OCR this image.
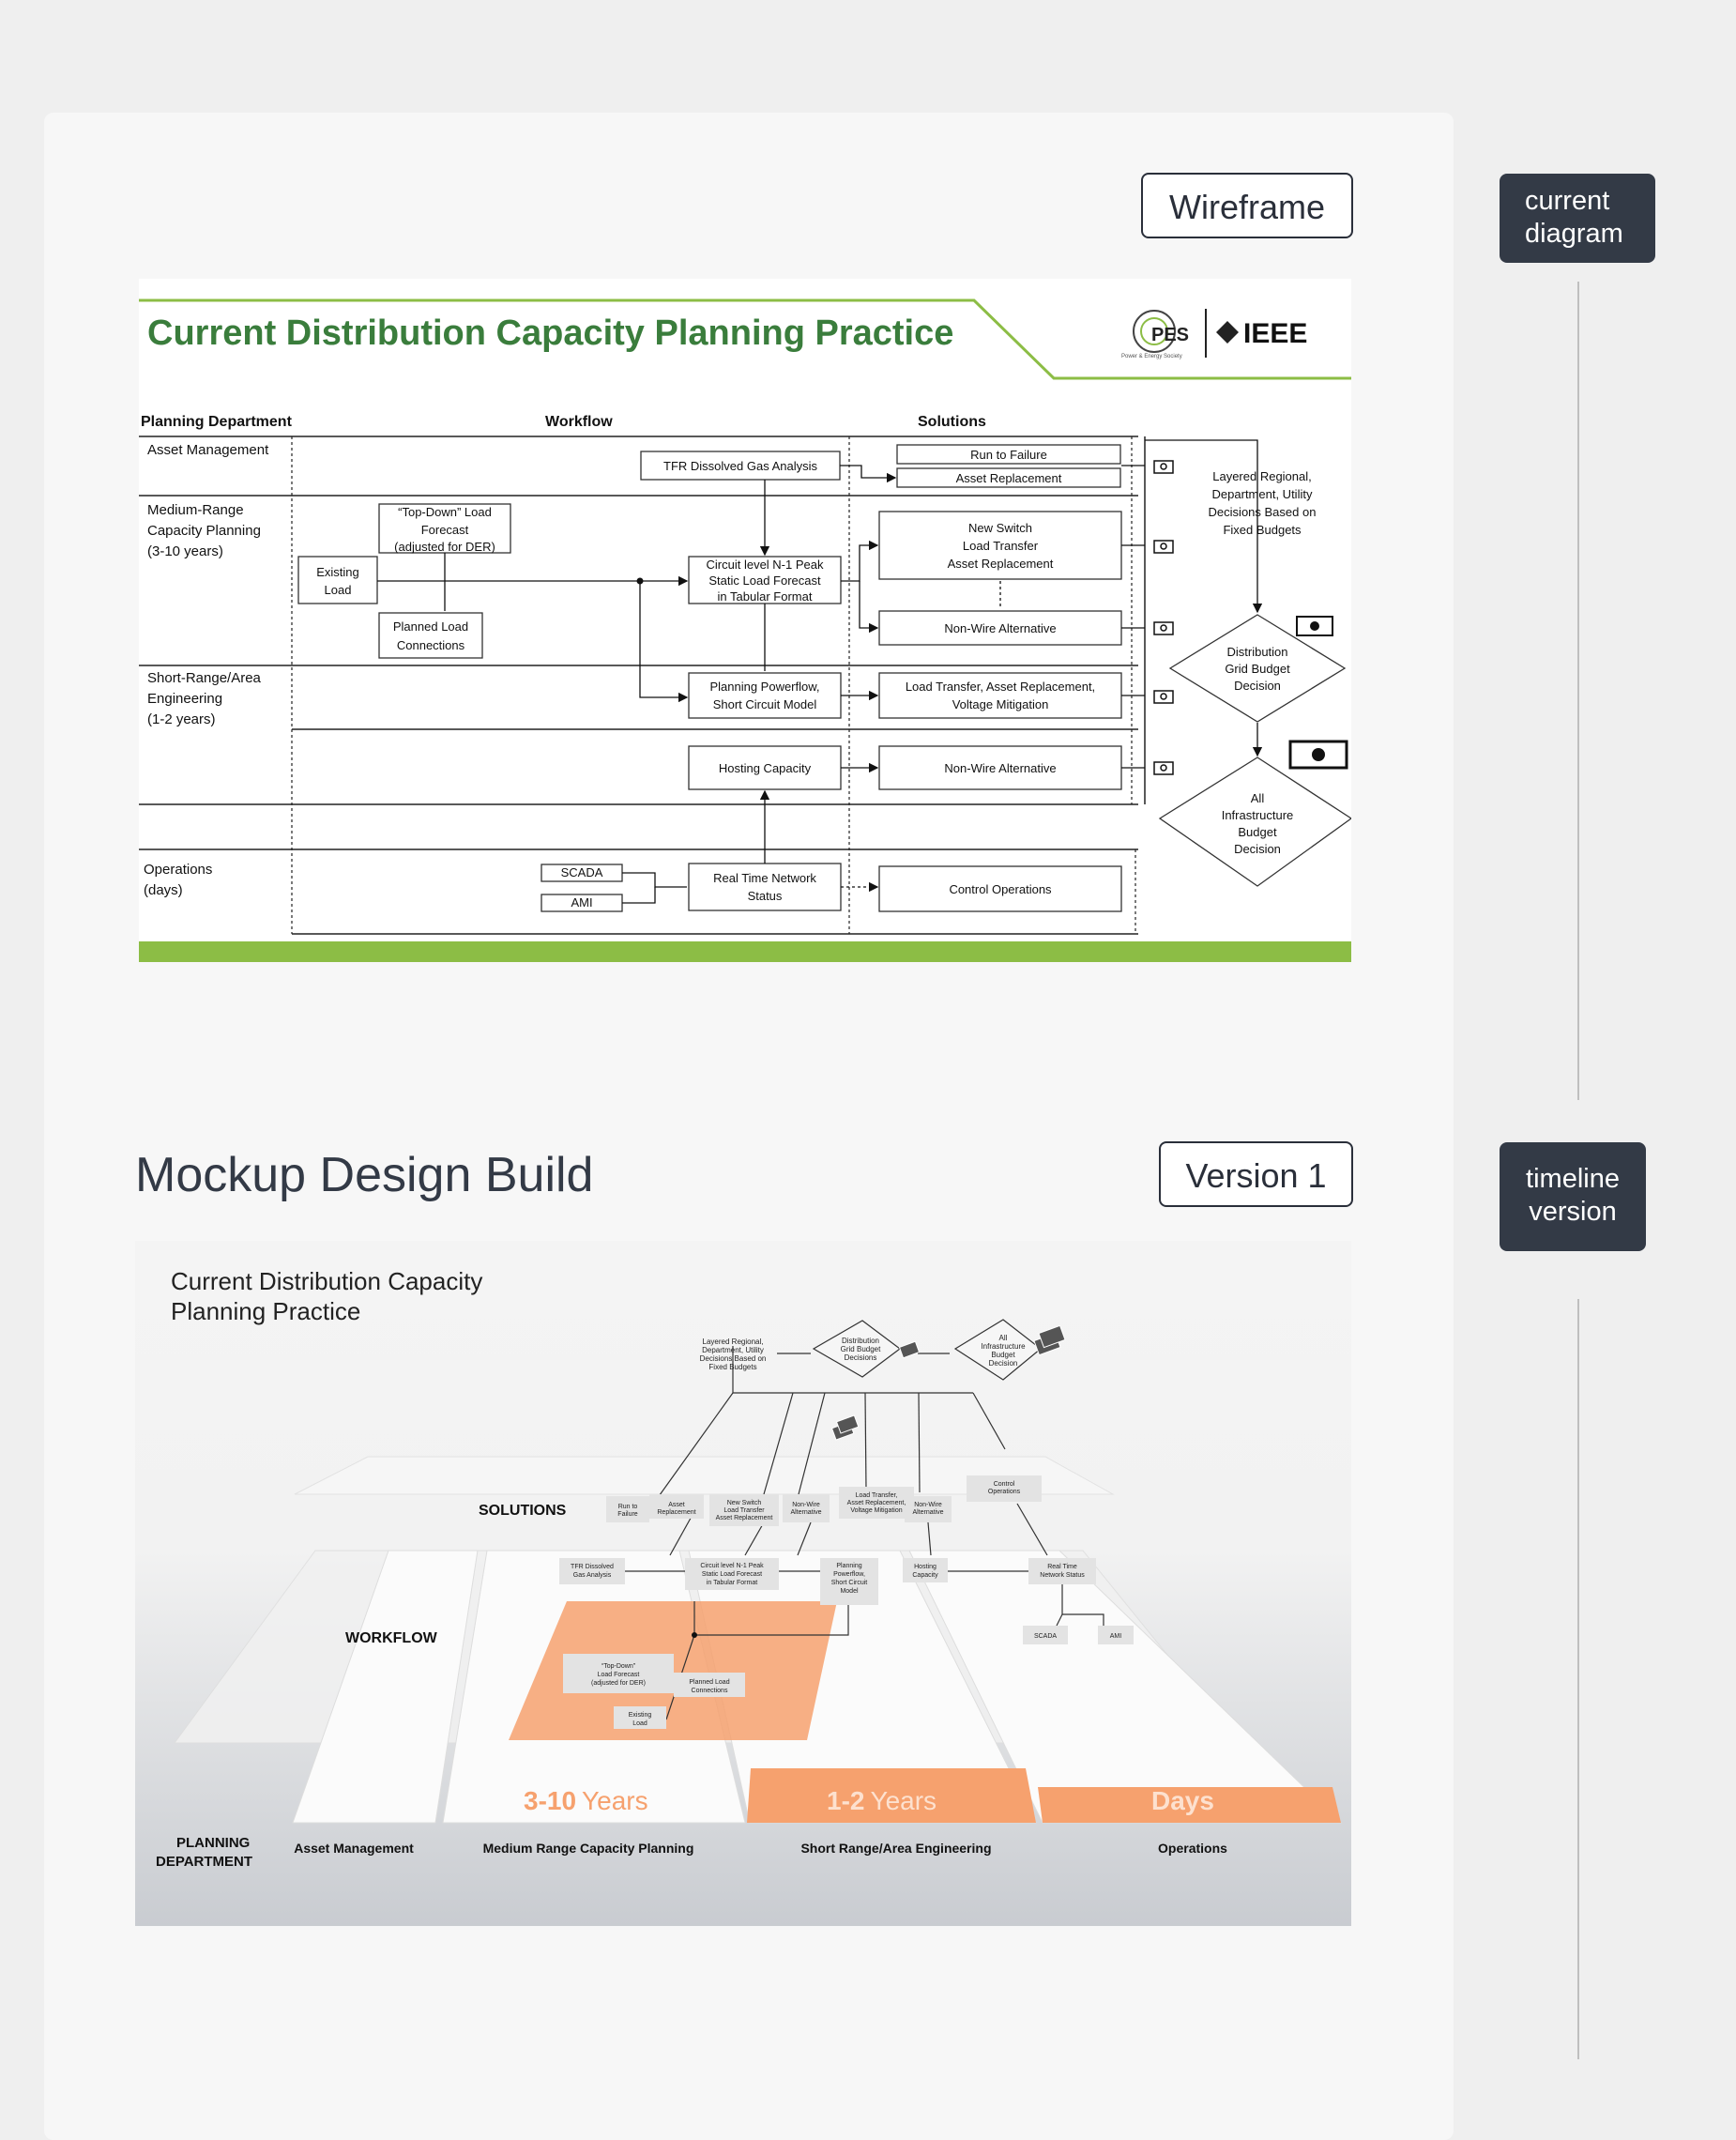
Wireframe	current diagram
timeline version
Current Distribution Capacity Planning Practice	PES
Power & Energy Society
IEEE
Planning Department	Workflow	Solutions
Asset Management
Medium-Range
Capacity Planning
(3-10 years)
Short-Range/Area
Engineering
(1-2 years)
Operations
(days)
TFR Dissolved Gas Analysis
Run to Failure
Asset Replacement
“Top-Down” Load
Forecast
(adjusted for DER)
Existing
Load
Planned Load
Connections
Circuit level N-1 Peak
Static Load Forecast
in Tabular Format
New Switch
Load Transfer
Asset Replacement
Non-Wire Alternative
Planning Powerflow,
Short Circuit Model
Load Transfer, Asset Replacement,
Voltage Mitigation
Hosting Capacity	Non-Wire Alternative
SCADA
AMI
Real Time Network
Status	Control Operations
Layered Regional,
Department, Utility
Decisions Based on
Fixed Budgets
Distribution
Grid Budget
Decision
All
Infrastructure
Budget
Decision
Mockup Design Build	Version 1
Current Distribution Capacity Planning Practice
3-10 Years	1-2 Years	Days
SOLUTIONS
WORKFLOW
PLANNING
DEPARTMENT
Asset Management	Medium Range Capacity Planning	Short Range/Area Engineering	Operations
Layered Regional,
Department, Utility
Decisions Based on
Fixed Budgets
Distribution
Grid Budget
Decisions
All
Infrastructure
Budget
Decision
Run to
Failure
Asset
Replacement
New Switch
Load Transfer
Asset Replacement
Non-Wire
Alternative
Load Transfer,
Asset Replacement,
Voltage Mitigation
Non-Wire
Alternative
Control
Operations
TFR Dissolved
Gas Analysis
Circuit level N-1 Peak
Static Load Forecast
in Tabular Format
Planning
Powerflow,
Short Circuit
Model
Hosting
Capacity
Real Time
Network Status
SCADA	AMI
“Top-Down”
Load Forecast
(adjusted for DER)	Planned Load
Connections
Existing
Load
